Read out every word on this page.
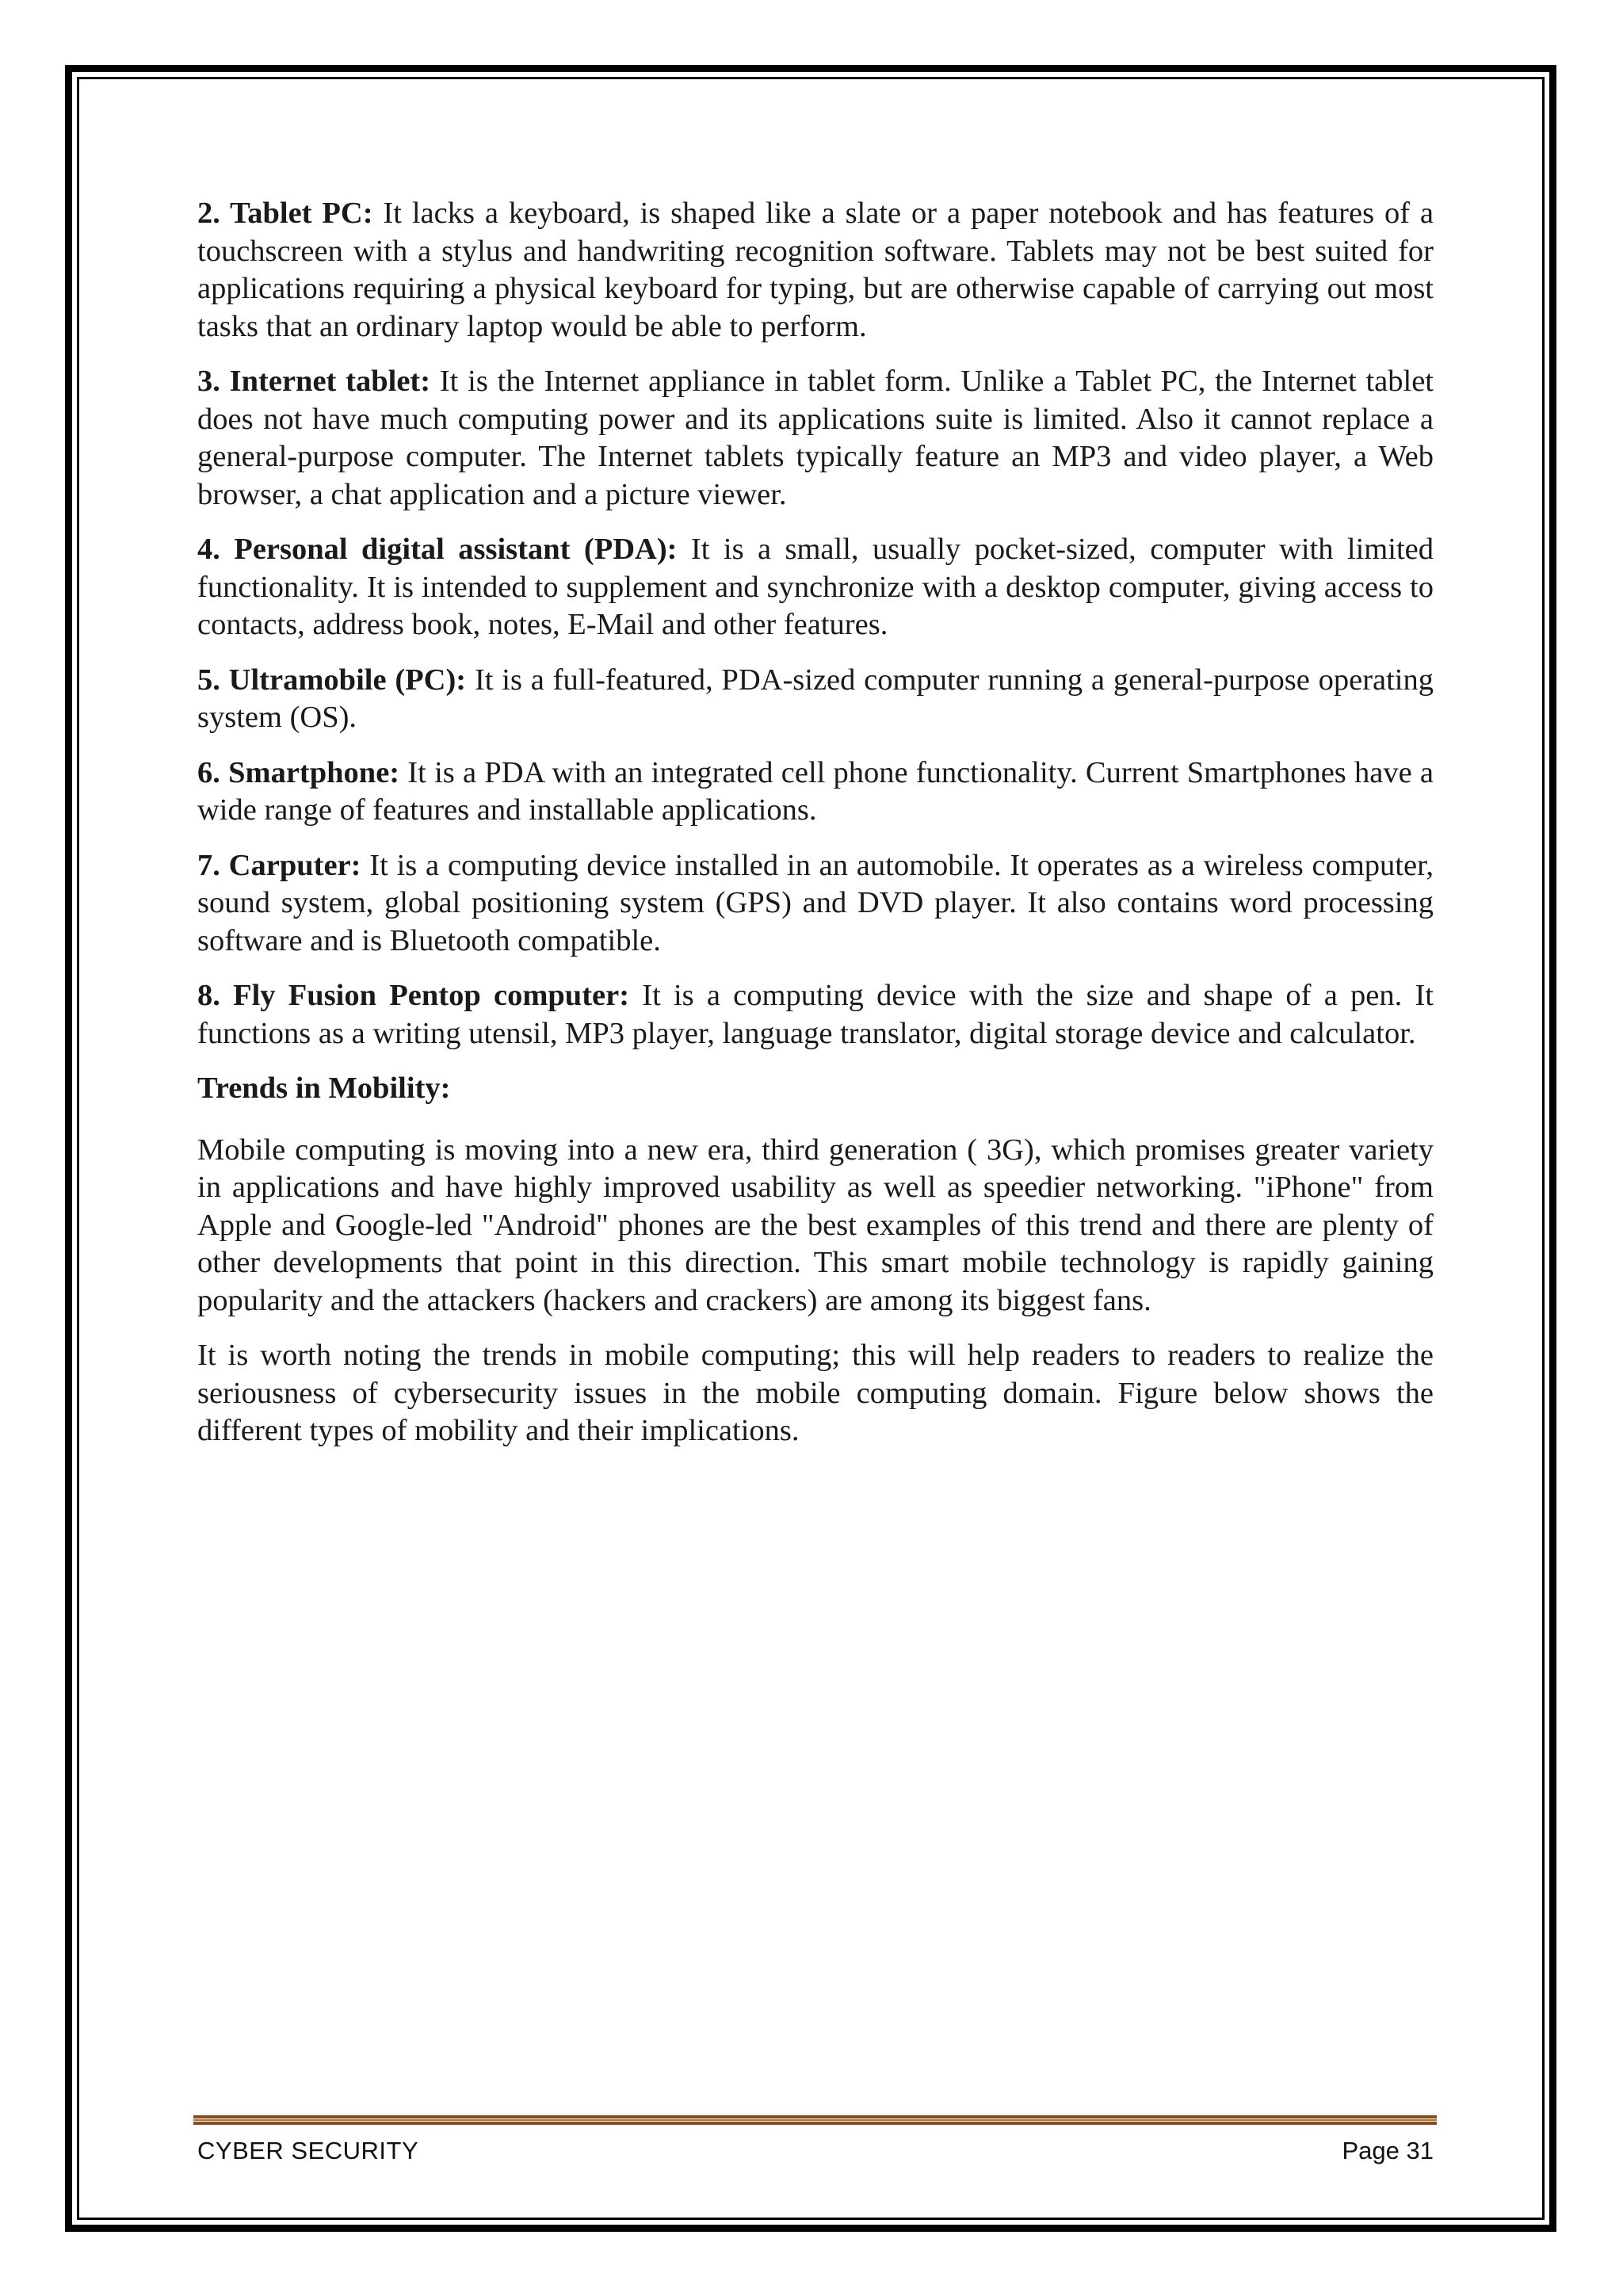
2. Tablet PC: It lacks a keyboard, is shaped like a slate or a paper notebook and has features of a touchscreen with a stylus and handwriting recognition software. Tablets may not be best suited for applications requiring a physical keyboard for typing, but are otherwise capable of carrying out most tasks that an ordinary laptop would be able to perform.

3. Internet tablet: It is the Internet appliance in tablet form. Unlike a Tablet PC, the Internet tablet does not have much computing power and its applications suite is limited. Also it cannot replace a general-purpose computer. The Internet tablets typically feature an MP3 and video player, a Web browser, a chat application and a picture viewer.

4. Personal digital assistant (PDA): It is a small, usually pocket-sized, computer with limited functionality. It is intended to supplement and synchronize with a desktop computer, giving access to contacts, address book, notes, E-Mail and other features.

5. Ultramobile (PC): It is a full-featured, PDA-sized computer running a general-purpose operating system (OS).

6. Smartphone: It is a PDA with an integrated cell phone functionality. Current Smartphones have a wide range of features and installable applications.

7. Carputer: It is a computing device installed in an automobile. It operates as a wireless computer, sound system, global positioning system (GPS) and DVD player. It also contains word processing software and is Bluetooth compatible.

8. Fly Fusion Pentop computer: It is a computing device with the size and shape of a pen. It functions as a writing utensil, MP3 player, language translator, digital storage device and calculator.

Trends in Mobility:

Mobile computing is moving into a new era, third generation ( 3G), which promises greater variety in applications and have highly improved usability as well as speedier networking. "iPhone" from Apple and Google-led "Android" phones are the best examples of this trend and there are plenty of other developments that point in this direction. This smart mobile technology is rapidly gaining popularity and the attackers (hackers and crackers) are among its biggest fans.

It is worth noting the trends in mobile computing; this will help readers to readers to realize the seriousness of cybersecurity issues in the mobile computing domain. Figure below shows the different types of mobility and their implications.

CYBER SECURITY	Page 31
